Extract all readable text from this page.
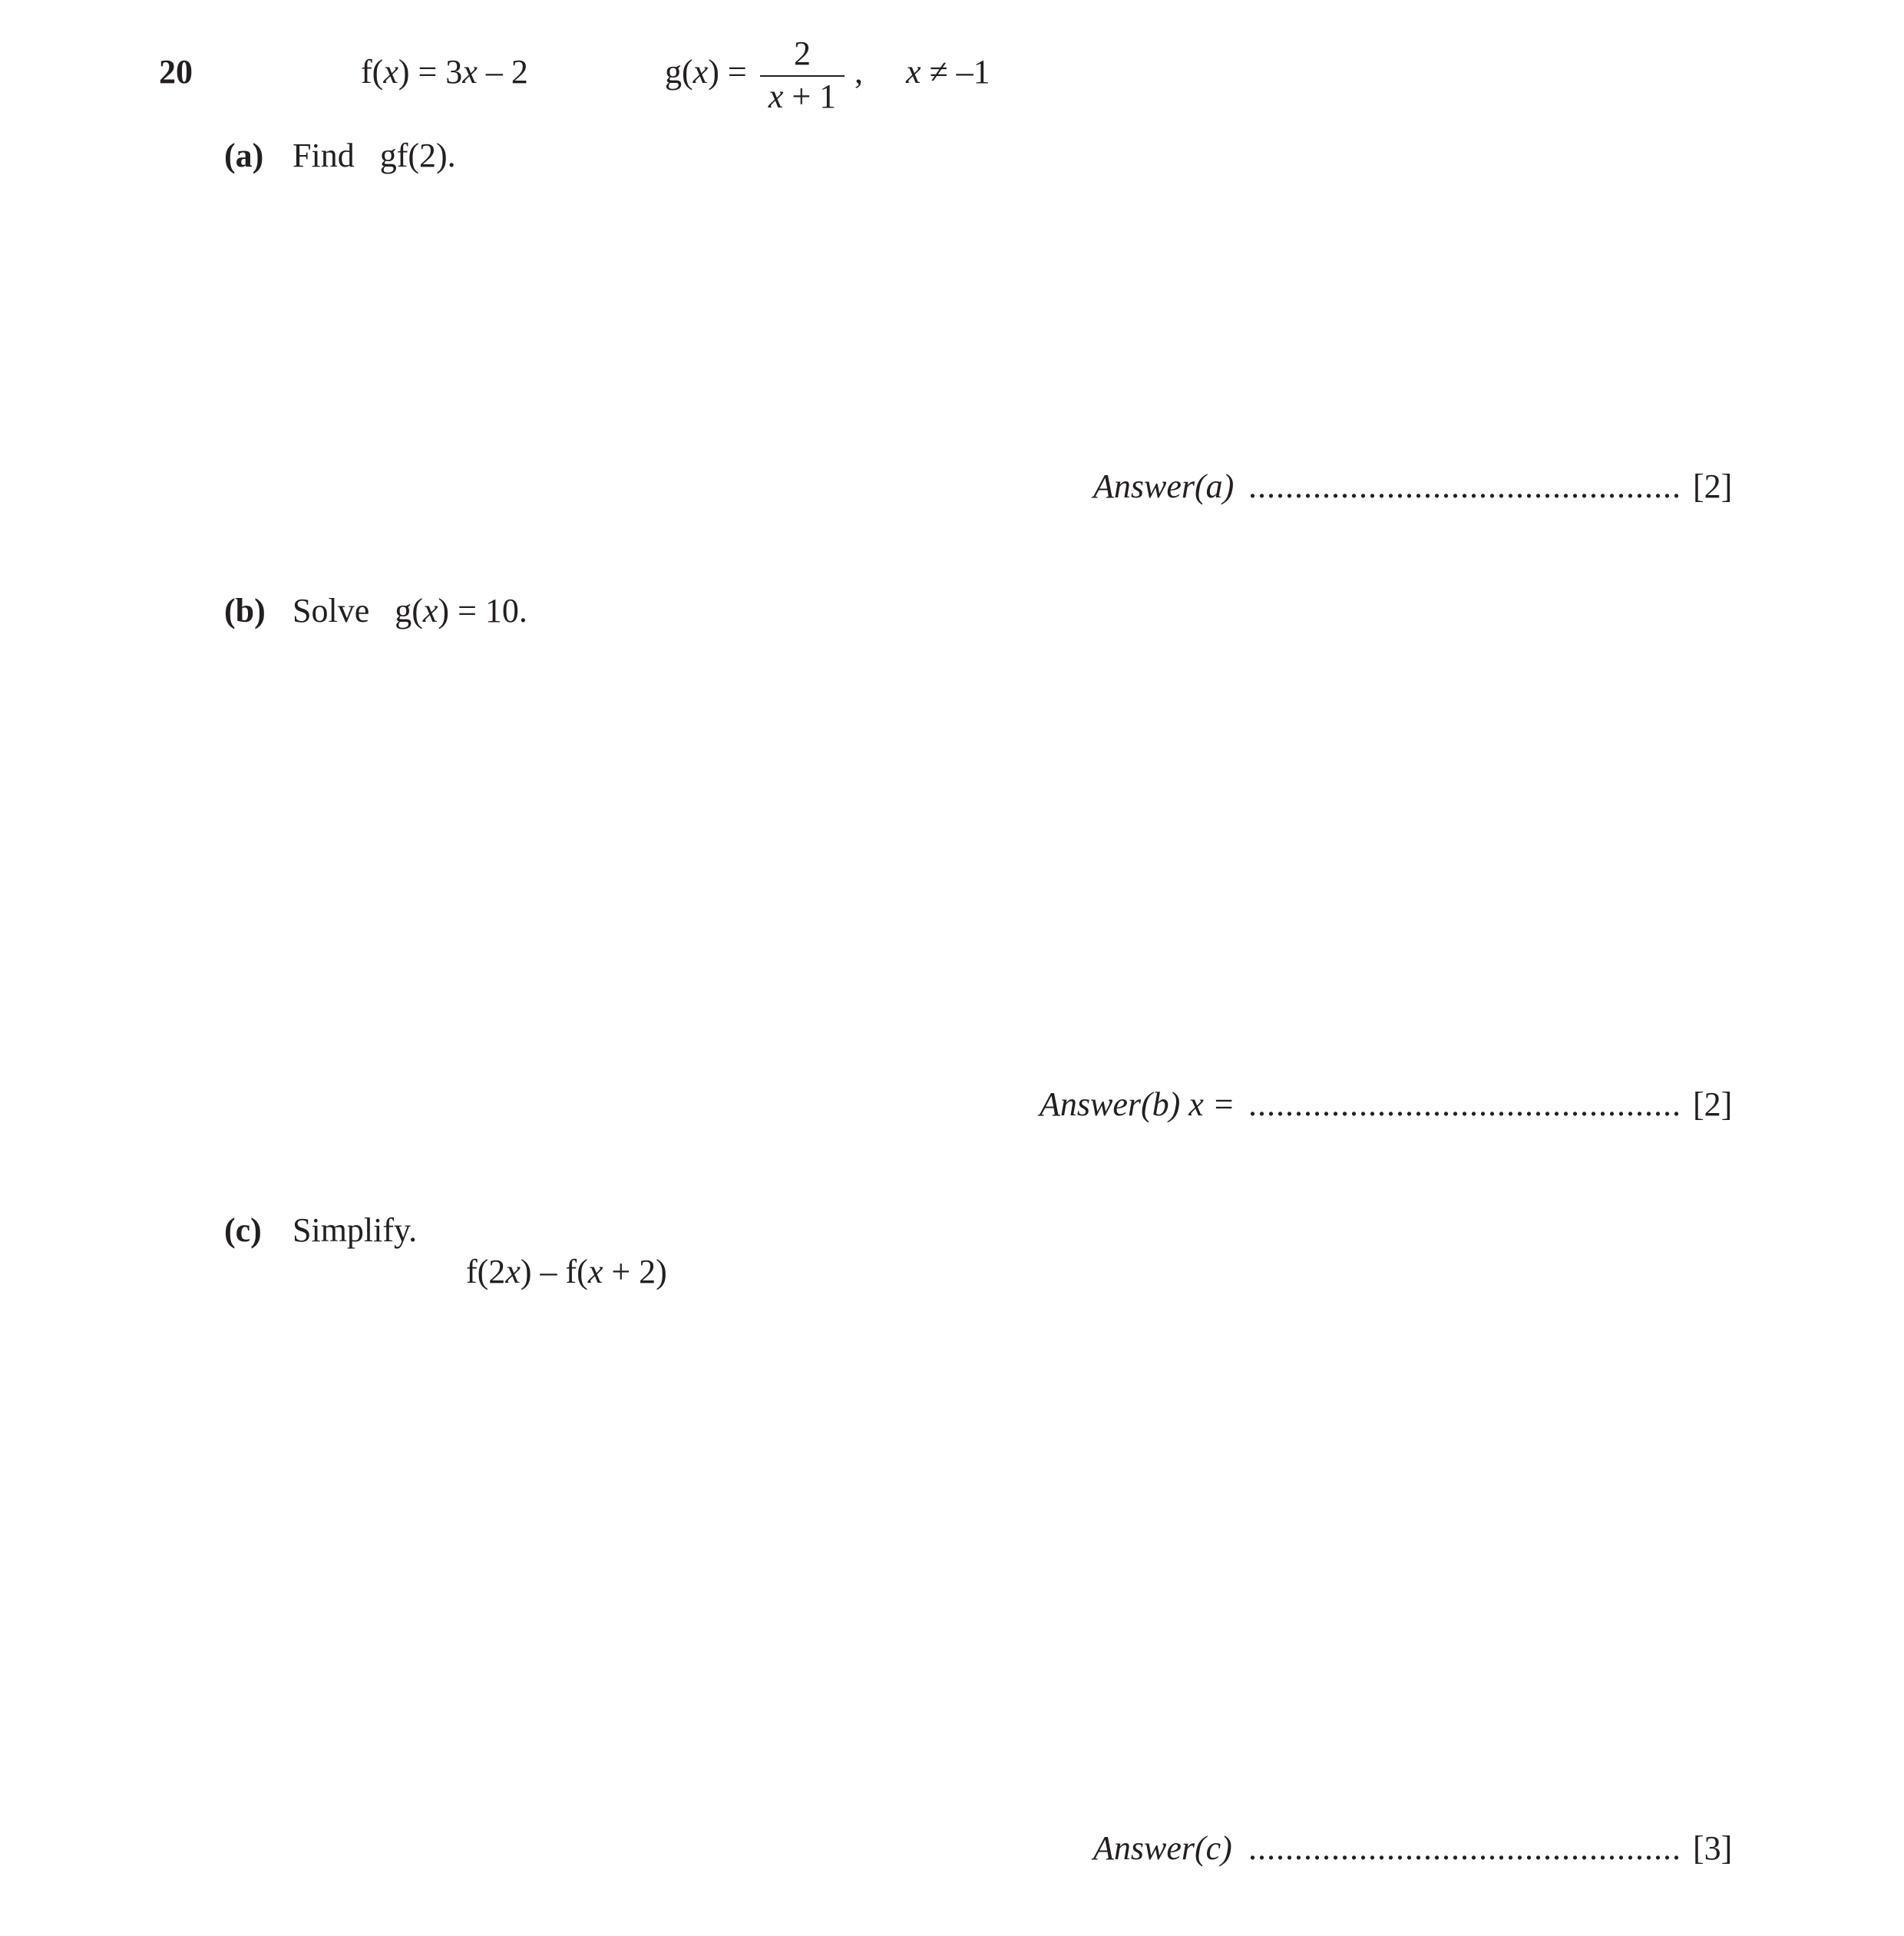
20	f(x) = 3x – 2	g(x) =	2
x + 1
, x ≠ –1
(a) Find   gf(2).
Answer(a) ............................................... [2]
(b) Solve   g(x) = 10.
Answer(b) x = ............................................... [2]
(c) Simplify.
f(2x) – f(x + 2)
Answer(c) ............................................... [3]
